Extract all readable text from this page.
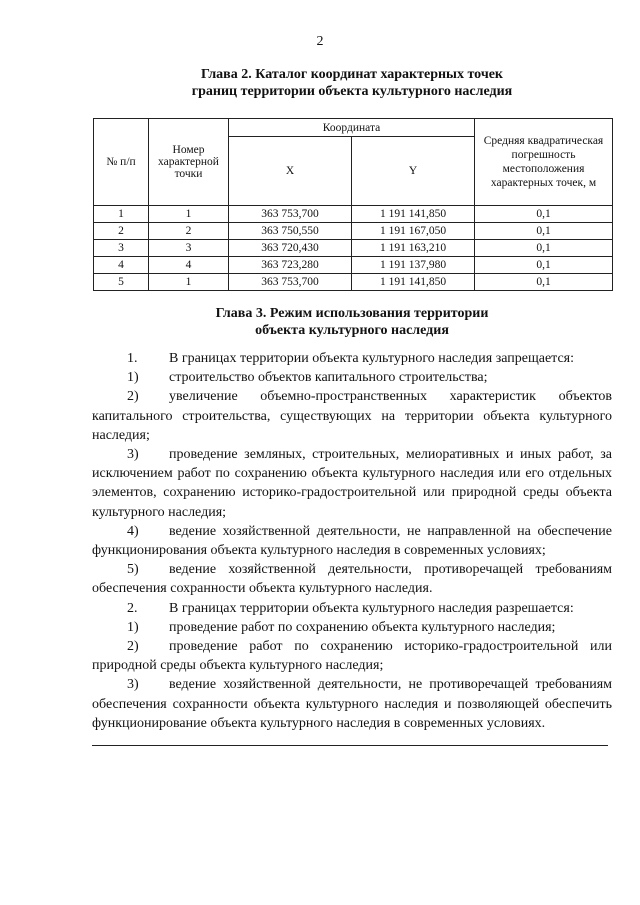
2
Глава 2. Каталог координат характерных точек
границ территории объекта культурного наследия
№ п/п	Номер характерной точки	Координата		Средняя квадратическая погрешность местоположения характерных точек, м
		X	Y	
1	1	363 753,700	1 191 141,850	0,1
2	2	363 750,550	1 191 167,050	0,1
3	3	363 720,430	1 191 163,210	0,1
4	4	363 723,280	1 191 137,980	0,1
5	1	363 753,700	1 191 141,850	0,1
Глава 3. Режим использования территории
объекта культурного наследия

1. В границах территории объекта культурного наследия запрещается:

1) строительство объектов капитального строительства;

2) увеличение объемно-пространственных характеристик объектов капитального строительства, существующих на территории объекта культурного наследия;

3) проведение земляных, строительных, мелиоративных и иных работ, за исключением работ по сохранению объекта культурного наследия или его отдельных элементов, сохранению историко-градостроительной или природной среды объекта культурного наследия;

4) ведение хозяйственной деятельности, не направленной на обеспечение функционирования объекта культурного наследия в современных условиях;

5) ведение хозяйственной деятельности, противоречащей требованиям обеспечения сохранности объекта культурного наследия.

2. В границах территории объекта культурного наследия разрешается:

1) проведение работ по сохранению объекта культурного наследия;

2) проведение работ по сохранению историко-градостроительной или природной среды объекта культурного наследия;

3) ведение хозяйственной деятельности, не противоречащей требованиям обеспечения сохранности объекта культурного наследия и позволяющей обеспечить функционирование объекта культурного наследия в современных условиях.
